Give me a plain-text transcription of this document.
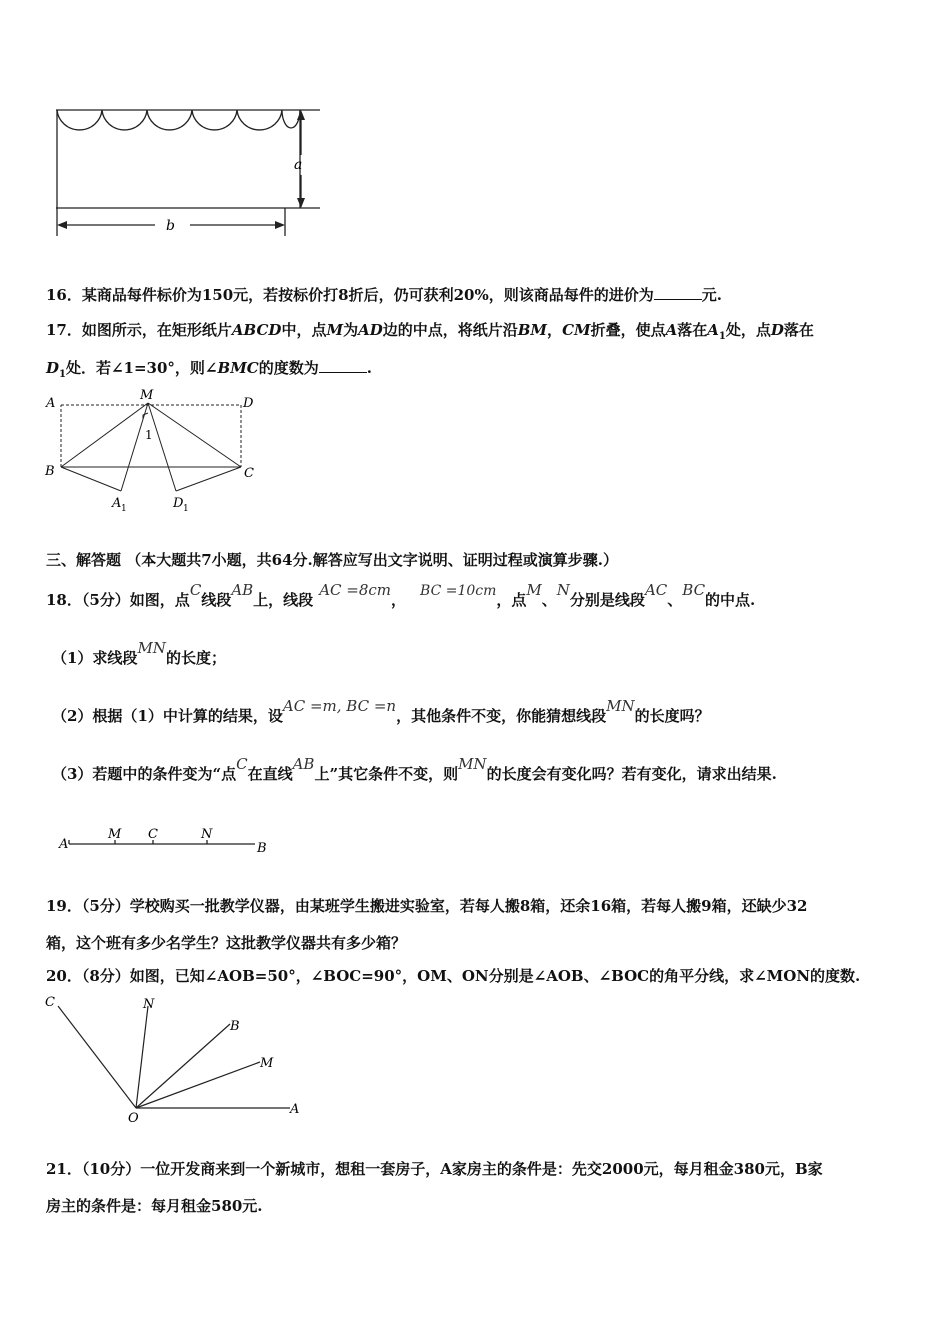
a
b
16．某商品每件标价为150元，若按标价打8折后，仍可获利20%，则该商品每件的进价为	元.
17．如图所示，在矩形纸片ABCD中，点M为AD边的中点，将纸片沿BM，CM折叠，使点A落在$A_1$处，点D落在
$D_1$处．若∠1=30°，则∠BMC的度数为	.
A
M
D
B	C
1
A 1	D 1
三、解答题 （本大题共7小题，共64分.解答应写出文字说明、证明过程或演算步骤.）
18．（5分）如图，点C线段AB上，线段AC =8cm， BC =10cm，点M、N分别是线段AC、BC的中点.
（1）求线段MN的长度；
（2）根据（1）中计算的结果，设AC =m, BC =n，其他条件不变，你能猜想线段MN的长度吗？
（3）若题中的条件变为“点C在直线AB上”其它条件不变，则MN的长度会有变化吗？若有变化，请求出结果.
A
M C	N
B
19．（5分）学校购买一批教学仪器，由某班学生搬进实验室，若每人搬8箱，还余16箱，若每人搬9箱，还缺少32
箱，这个班有多少名学生？这批教学仪器共有多少箱？
20．（8分）如图，已知∠AOB=50°，∠BOC=90°，OM、ON分别是∠AOB、∠BOC的角平分线，求∠MON的度数.
C	N
B
M
O
A
21．（10分）一位开发商来到一个新城市，想租一套房子，A家房主的条件是：先交2000元，每月租金380元，B家
房主的条件是：每月租金580元.
